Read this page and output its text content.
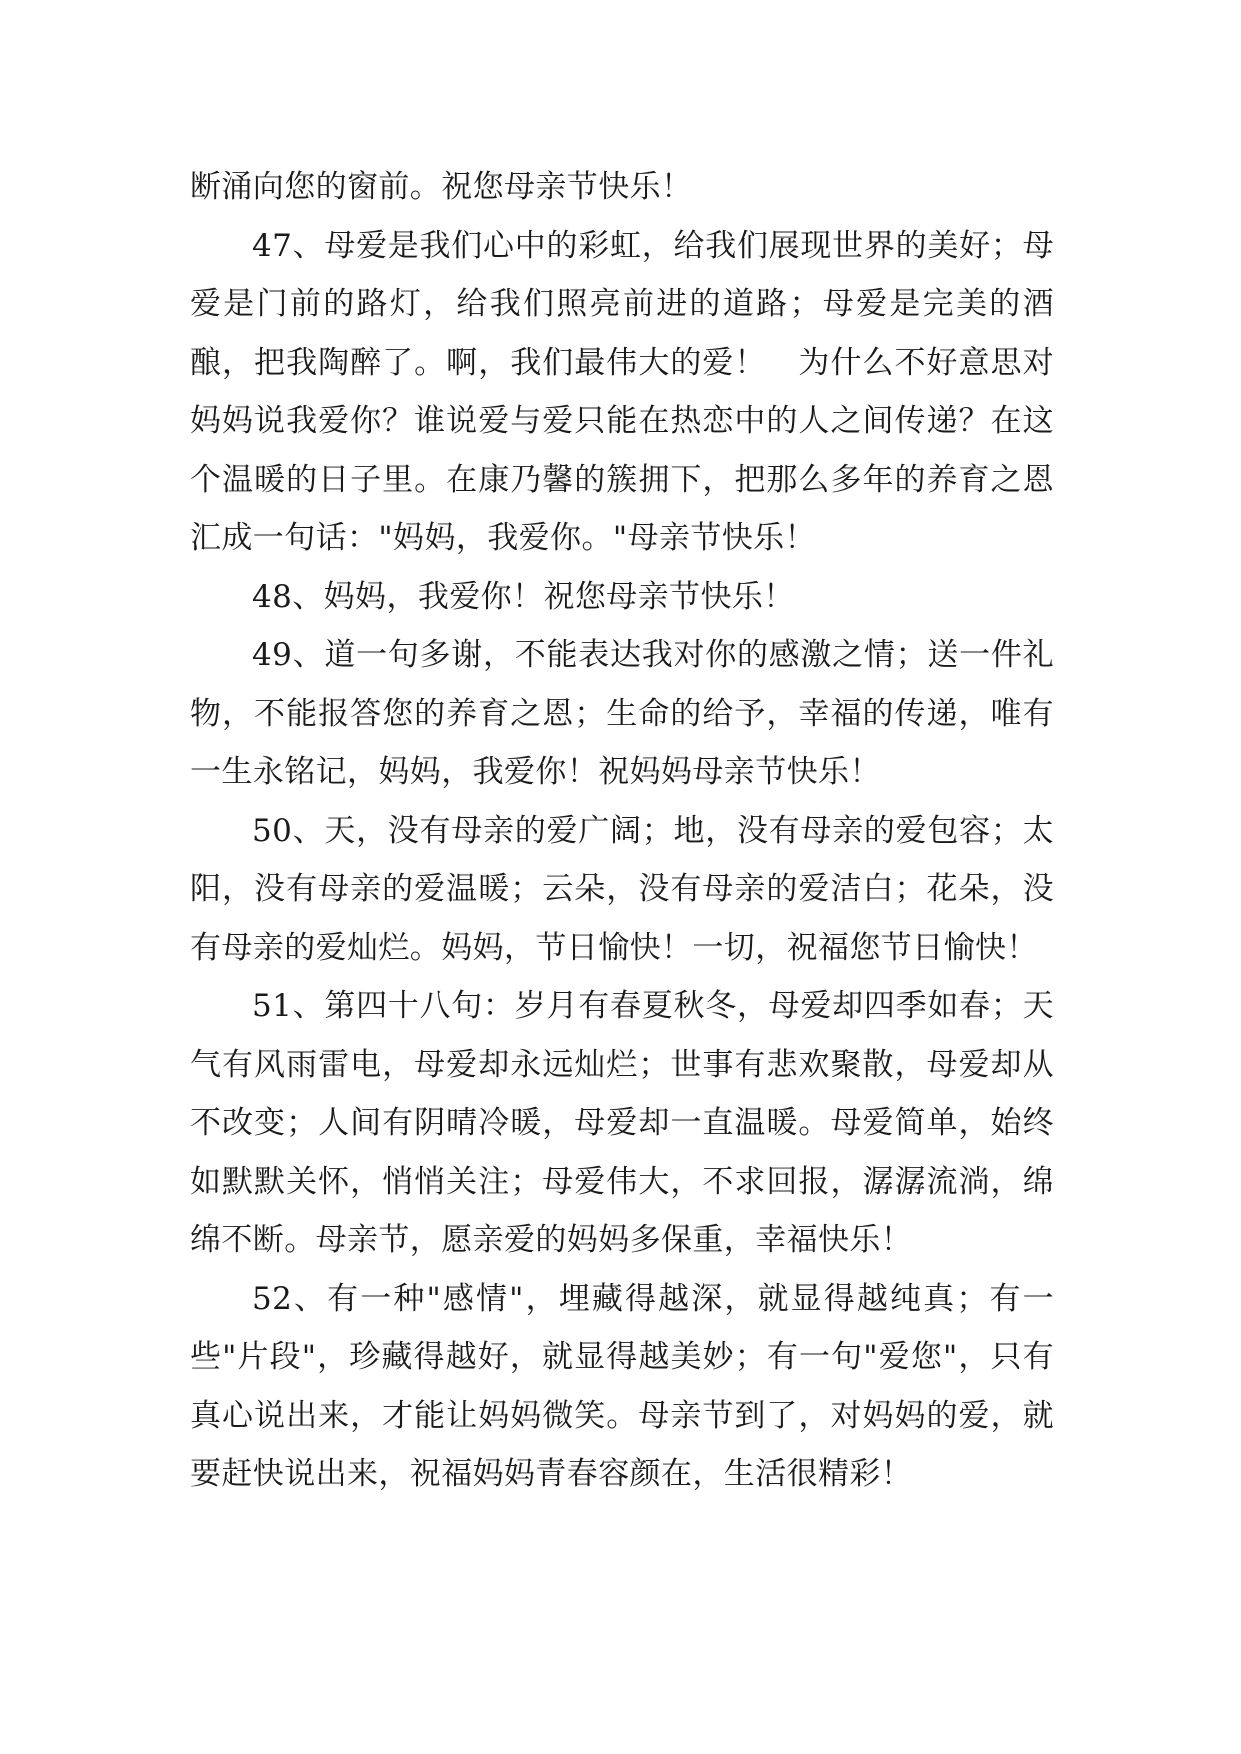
断涌向您的窗前。祝您母亲节快乐！

47、母爱是我们心中的彩虹，给我们展现世界的美好；母爱是门前的路灯，给我们照亮前进的道路；母爱是完美的酒酿，把我陶醉了。啊，我们最伟大的爱！　为什么不好意思对妈妈说我爱你？谁说爱与爱只能在热恋中的人之间传递？在这个温暖的日子里。在康乃馨的簇拥下，把那么多年的养育之恩汇成一句话："妈妈，我爱你。"母亲节快乐！

48、妈妈，我爱你！祝您母亲节快乐！

49、道一句多谢，不能表达我对你的感激之情；送一件礼物，不能报答您的养育之恩；生命的给予，幸福的传递，唯有一生永铭记，妈妈，我爱你！祝妈妈母亲节快乐！

50、天，没有母亲的爱广阔；地，没有母亲的爱包容；太阳，没有母亲的爱温暖；云朵，没有母亲的爱洁白；花朵，没有母亲的爱灿烂。妈妈，节日愉快！一切，祝福您节日愉快！

51、第四十八句：岁月有春夏秋冬，母爱却四季如春；天气有风雨雷电，母爱却永远灿烂；世事有悲欢聚散，母爱却从不改变；人间有阴晴冷暖，母爱却一直温暖。母爱简单，始终如默默关怀，悄悄关注；母爱伟大，不求回报，潺潺流淌，绵绵不断。母亲节，愿亲爱的妈妈多保重，幸福快乐！

52、有一种"感情"，埋藏得越深，就显得越纯真；有一些"片段"，珍藏得越好，就显得越美妙；有一句"爱您"，只有真心说出来，才能让妈妈微笑。母亲节到了，对妈妈的爱，就要赶快说出来，祝福妈妈青春容颜在，生活很精彩！
